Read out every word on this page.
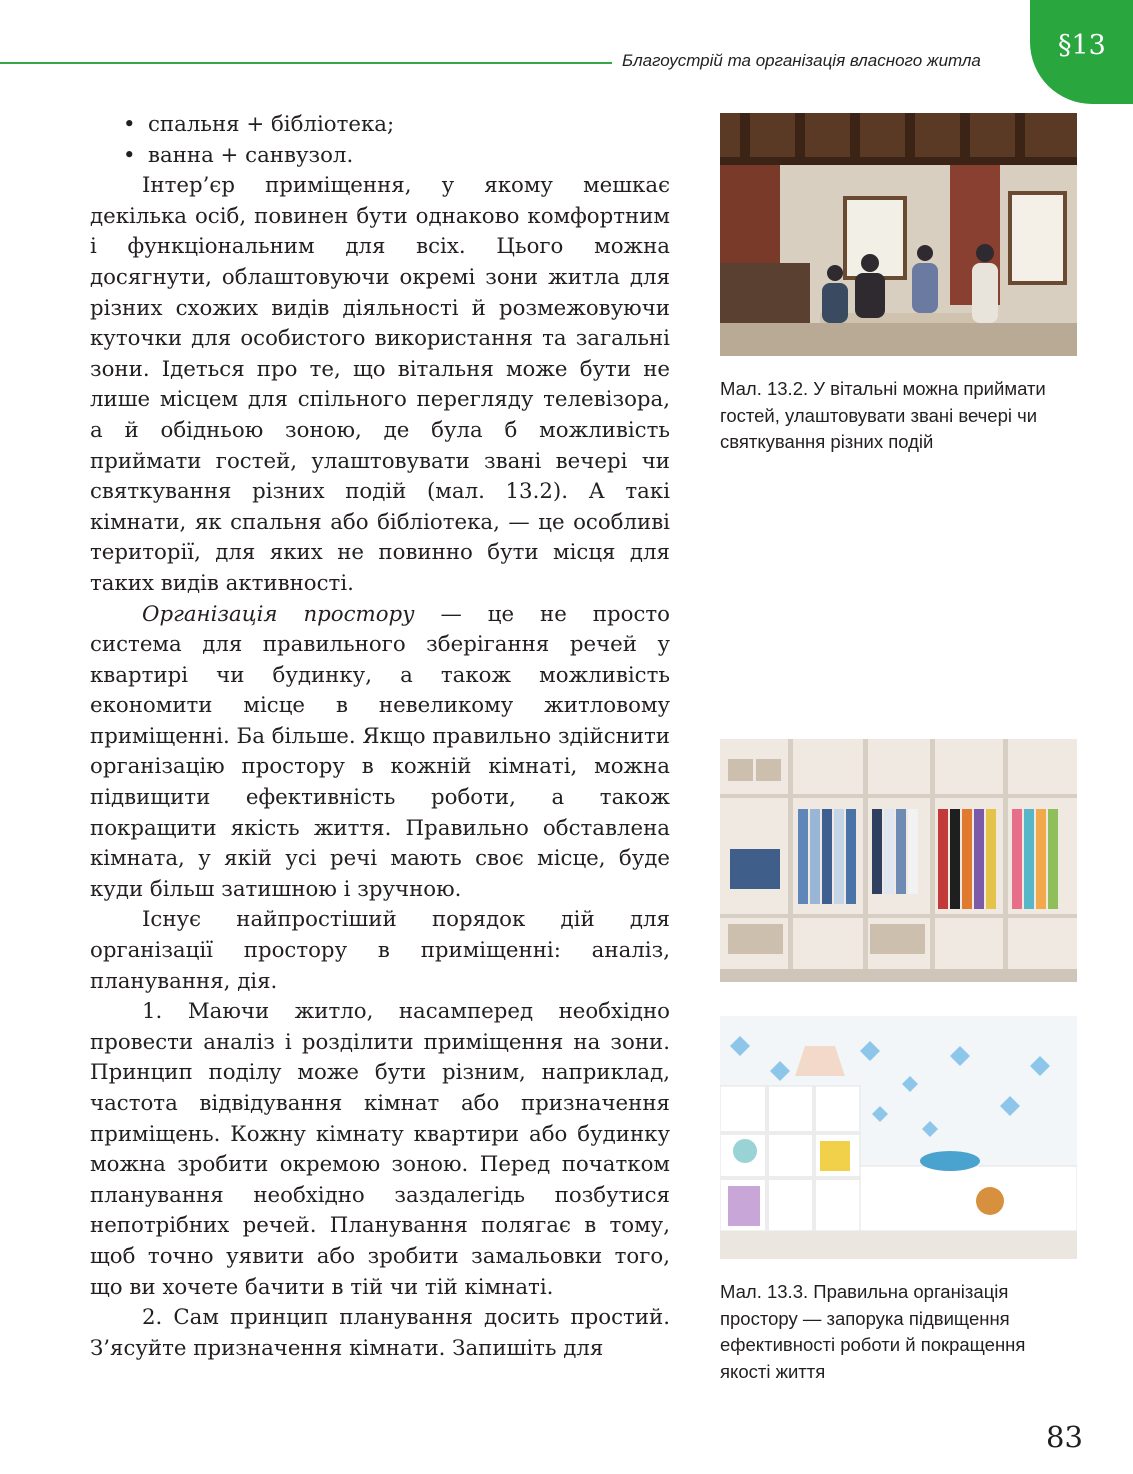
Благоустрій та організація власного житла	§13

• спальня + бібліотека;

• ванна + санвузол.

Інтер’єр приміщення, у якому мешкає декілька осіб, повинен бути однаково комфортним і функціональним для всіх. Цього можна досягнути, облаштовуючи окремі зони житла для різних схожих видів діяльності й розмежовуючи куточки для особистого використання та загальні зони. Ідеться про те, що вітальня може бути не лише місцем для спільного перегляду телевізора, а й обідньою зоною, де була б можливість приймати гостей, улаштовувати звані вечері чи святкування різних подій (мал. 13.2). А такі кімнати, як спальня або бібліотека, — це особливі території, для яких не повинно бути місця для таких видів активності.

Організація простору — це не просто система для правильного зберігання речей у квартирі чи будинку, а також можливість економити місце в невеликому житловому приміщенні. Ба більше. Якщо правильно здійснити організацію простору в кожній кімнаті, можна підвищити ефективність роботи, а також покращити якість життя. Правильно обставлена кімната, у якій усі речі мають своє місце, буде куди більш затишною і зручною.

Існує найпростіший порядок дій для організації простору в приміщенні: аналіз, планування, дія.

1. Маючи житло, насамперед необхідно провести аналіз і розділити приміщення на зони. Принцип поділу може бути різним, наприклад, частота відвідування кімнат або призначення приміщень. Кожну кімнату квартири або будинку можна зробити окремою зоною. Перед початком планування необхідно заздалегідь позбутися непотрібних речей. Планування полягає в тому, щоб точно уявити або зробити замальовки того, що ви хочете бачити в тій чи тій кімнаті.

2. Сам принцип планування досить простий. З’ясуйте призначення кімнати. Запишіть для

Мал. 13.2. У вітальні можна приймати гостей, улаштовувати звані вечері чи святкування різних подій
Мал. 13.3. Правильна організація простору — запорука підвищення ефективності роботи й покращення якості життя
83
